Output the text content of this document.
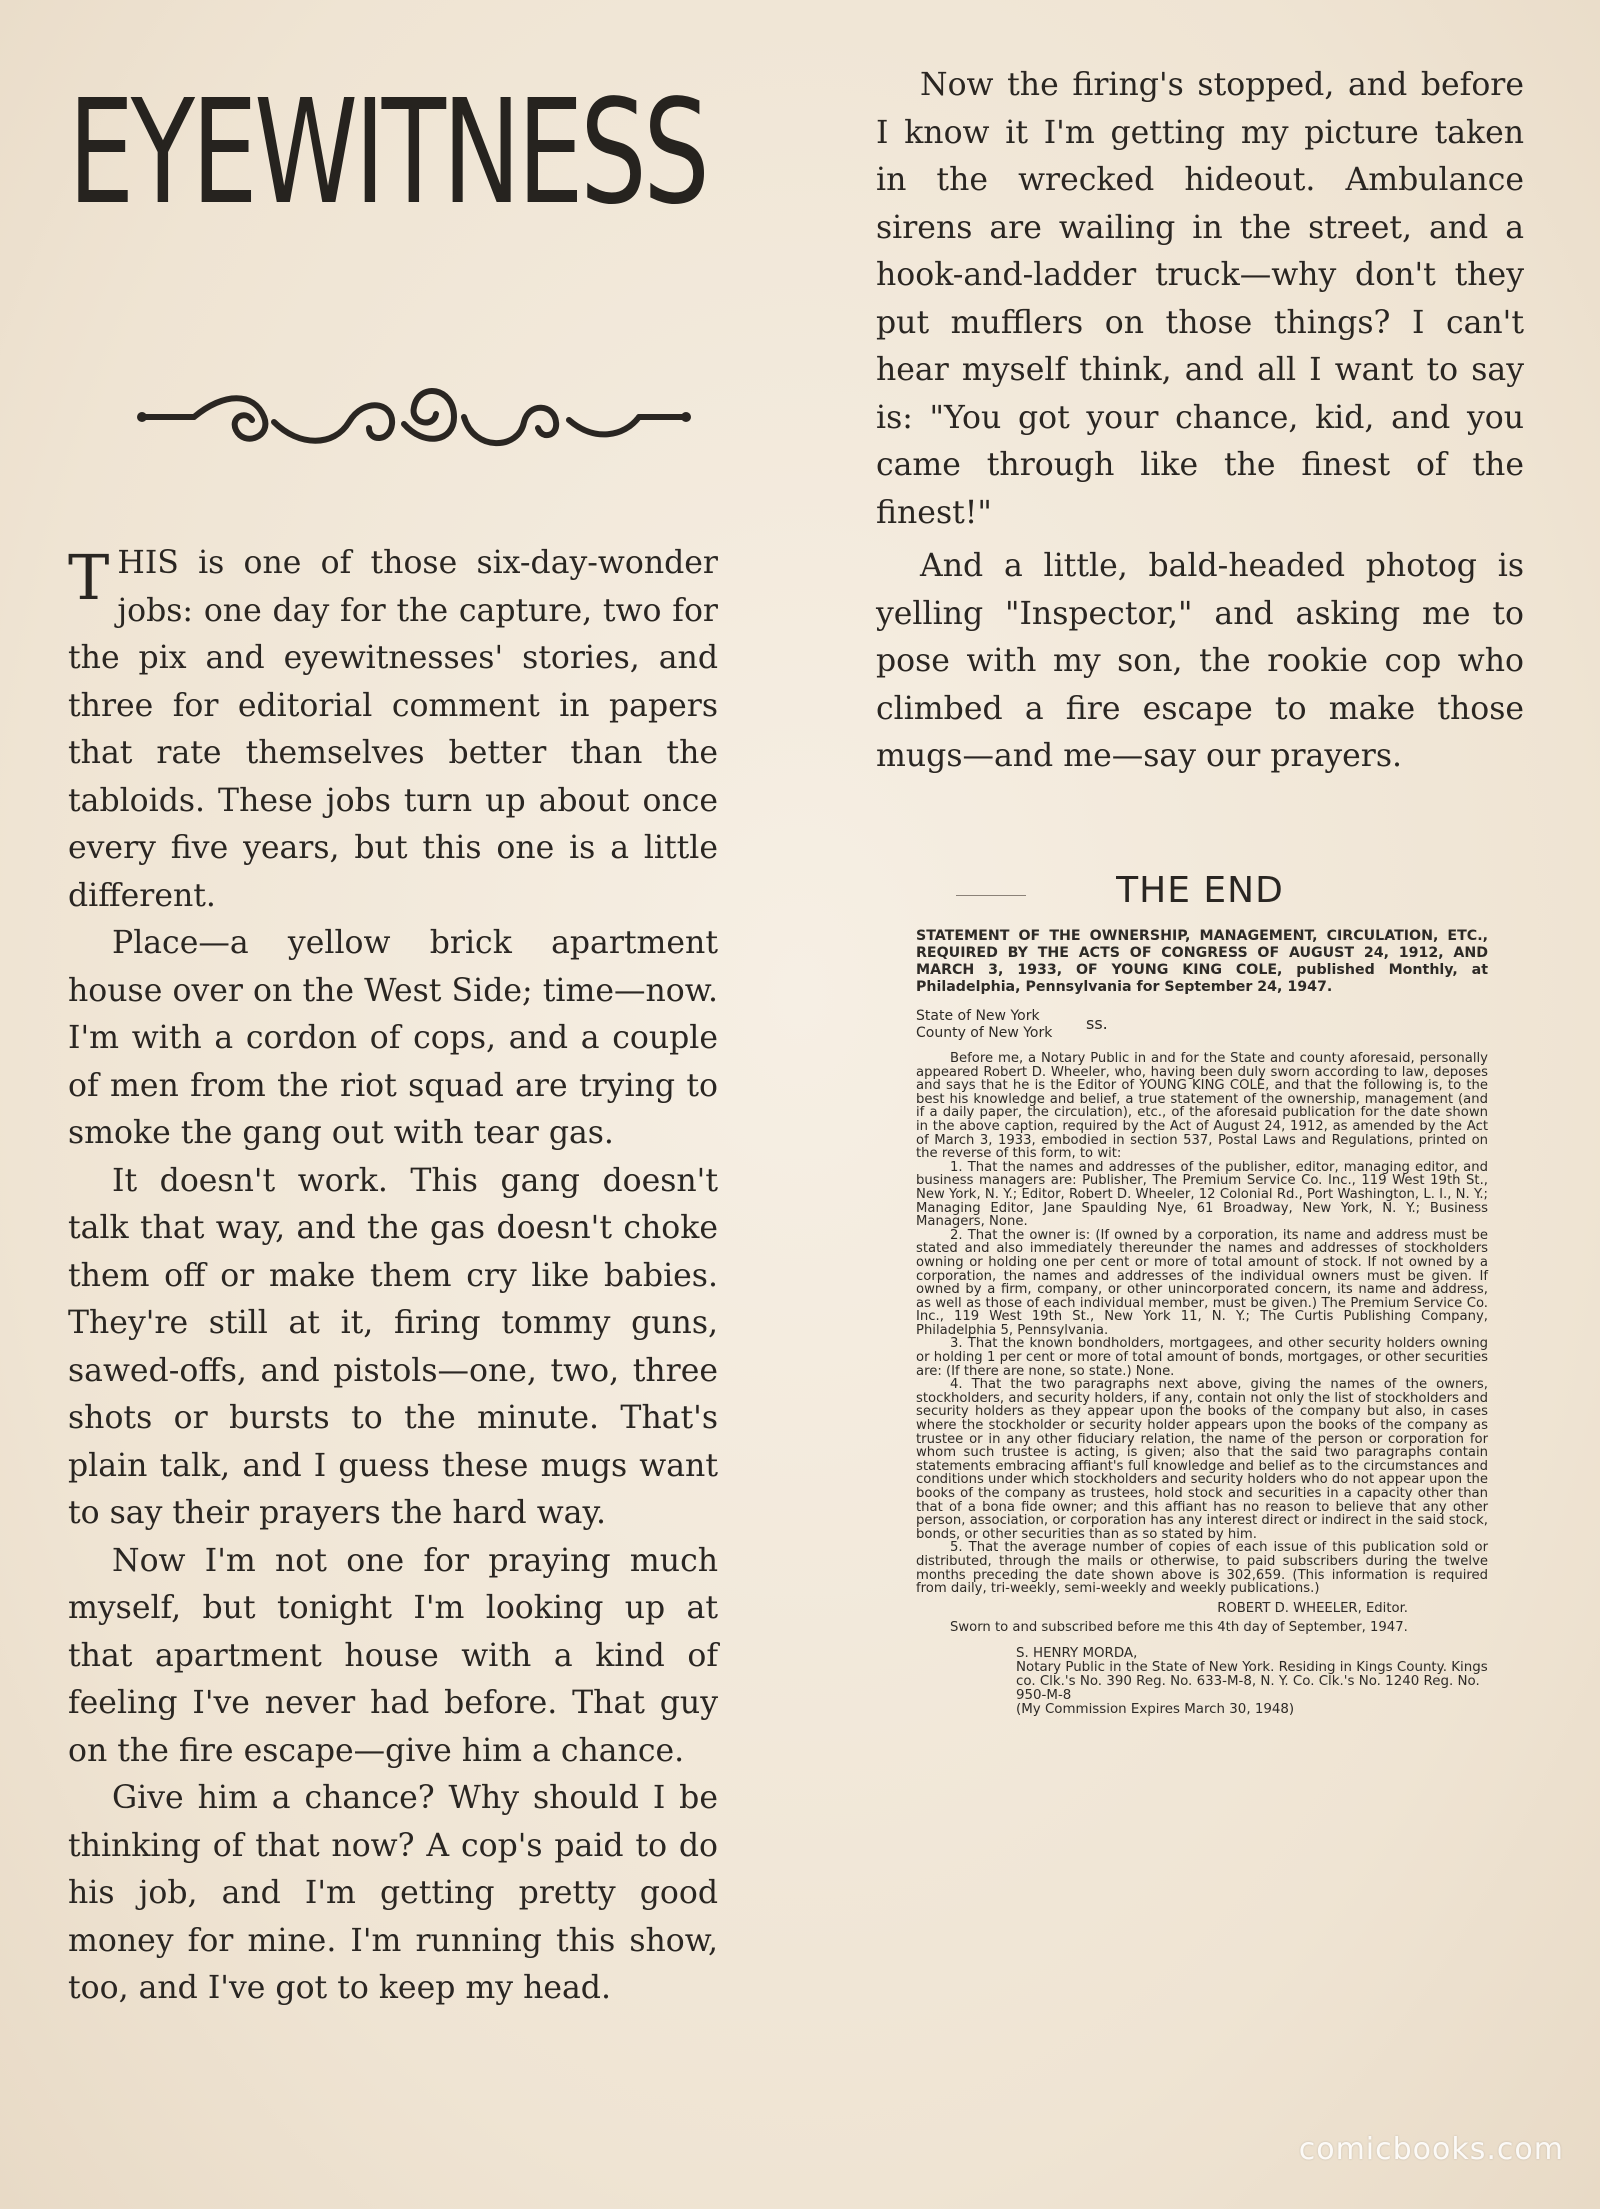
EYEWITNESS

THIS is one of those six-day-wonder jobs: one day for the capture, two for the pix and eyewitnesses' stories, and three for editorial comment in papers that rate themselves better than the tabloids. These jobs turn up about once every five years, but this one is a little different.

Place—a yellow brick apartment house over on the West Side; time—now. I'm with a cordon of cops, and a couple of men from the riot squad are trying to smoke the gang out with tear gas.

It doesn't work. This gang doesn't talk that way, and the gas doesn't choke them off or make them cry like babies. They're still at it, firing tommy guns, sawed-offs, and pistols—one, two, three shots or bursts to the minute. That's plain talk, and I guess these mugs want to say their prayers the hard way.

Now I'm not one for praying much myself, but tonight I'm looking up at that apartment house with a kind of feeling I've never had before. That guy on the fire escape—give him a chance.

Give him a chance? Why should I be thinking of that now? A cop's paid to do his job, and I'm getting pretty good money for mine. I'm running this show, too, and I've got to keep my head.

Now the firing's stopped, and before I know it I'm getting my picture taken in the wrecked hideout. Ambulance sirens are wailing in the street, and a hook-and-ladder truck—why don't they put mufflers on those things? I can't hear myself think, and all I want to say is: "You got your chance, kid, and you came through like the finest of the finest!"

And a little, bald-headed photog is yelling "Inspector," and asking me to pose with my son, the rookie cop who climbed a fire escape to make those mugs—and me—say our prayers.

THE END

STATEMENT OF THE OWNERSHIP, MANAGEMENT, CIRCULATION, ETC., REQUIRED BY THE ACTS OF CONGRESS OF AUGUST 24, 1912, AND MARCH 3, 1933, OF YOUNG KING COLE, published Monthly, at Philadelphia, Pennsylvania for September 24, 1947.

State of New York

County of New York	ss.

Before me, a Notary Public in and for the State and county aforesaid, personally appeared Robert D. Wheeler, who, having been duly sworn according to law, deposes and says that he is the Editor of YOUNG KING COLE, and that the following is, to the best his knowledge and belief, a true statement of the ownership, management (and if a daily paper, the circulation), etc., of the aforesaid publication for the date shown in the above caption, required by the Act of August 24, 1912, as amended by the Act of March 3, 1933, embodied in section 537, Postal Laws and Regulations, printed on the reverse of this form, to wit:

1. That the names and addresses of the publisher, editor, managing editor, and business managers are: Publisher, The Premium Service Co. Inc., 119 West 19th St., New York, N. Y.; Editor, Robert D. Wheeler, 12 Colonial Rd., Port Washington, L. I., N. Y.; Managing Editor, Jane Spaulding Nye, 61 Broadway, New York, N. Y.; Business Managers, None.

2. That the owner is: (If owned by a corporation, its name and address must be stated and also immediately thereunder the names and addresses of stockholders owning or holding one per cent or more of total amount of stock. If not owned by a corporation, the names and addresses of the individual owners must be given. If owned by a firm, company, or other unincorporated concern, its name and address, as well as those of each individual member, must be given.) The Premium Service Co. Inc., 119 West 19th St., New York 11, N. Y.; The Curtis Publishing Company, Philadelphia 5, Pennsylvania.

3. That the known bondholders, mortgagees, and other security holders owning or holding 1 per cent or more of total amount of bonds, mortgages, or other securities are: (If there are none, so state.) None.

4. That the two paragraphs next above, giving the names of the owners, stockholders, and security holders, if any, contain not only the list of stockholders and security holders as they appear upon the books of the company but also, in cases where the stockholder or security holder appears upon the books of the company as trustee or in any other fiduciary relation, the name of the person or corporation for whom such trustee is acting, is given; also that the said two paragraphs contain statements embracing affiant's full knowledge and belief as to the circumstances and conditions under which stockholders and security holders who do not appear upon the books of the company as trustees, hold stock and securities in a capacity other than that of a bona fide owner; and this affiant has no reason to believe that any other person, association, or corporation has any interest direct or indirect in the said stock, bonds, or other securities than as so stated by him.

5. That the average number of copies of each issue of this publication sold or distributed, through the mails or otherwise, to paid subscribers during the twelve months preceding the date shown above is 302,659. (This information is required from daily, tri-weekly, semi-weekly and weekly publications.)

ROBERT D. WHEELER, Editor.

Sworn to and subscribed before me this 4th day of September, 1947.

S. HENRY MORDA,

Notary Public in the State of New York. Residing in Kings County. Kings co. Clk.'s No. 390 Reg. No. 633-M-8, N. Y. Co. Clk.'s No. 1240 Reg. No. 950-M-8

(My Commission Expires March 30, 1948)

comicbooks.com
